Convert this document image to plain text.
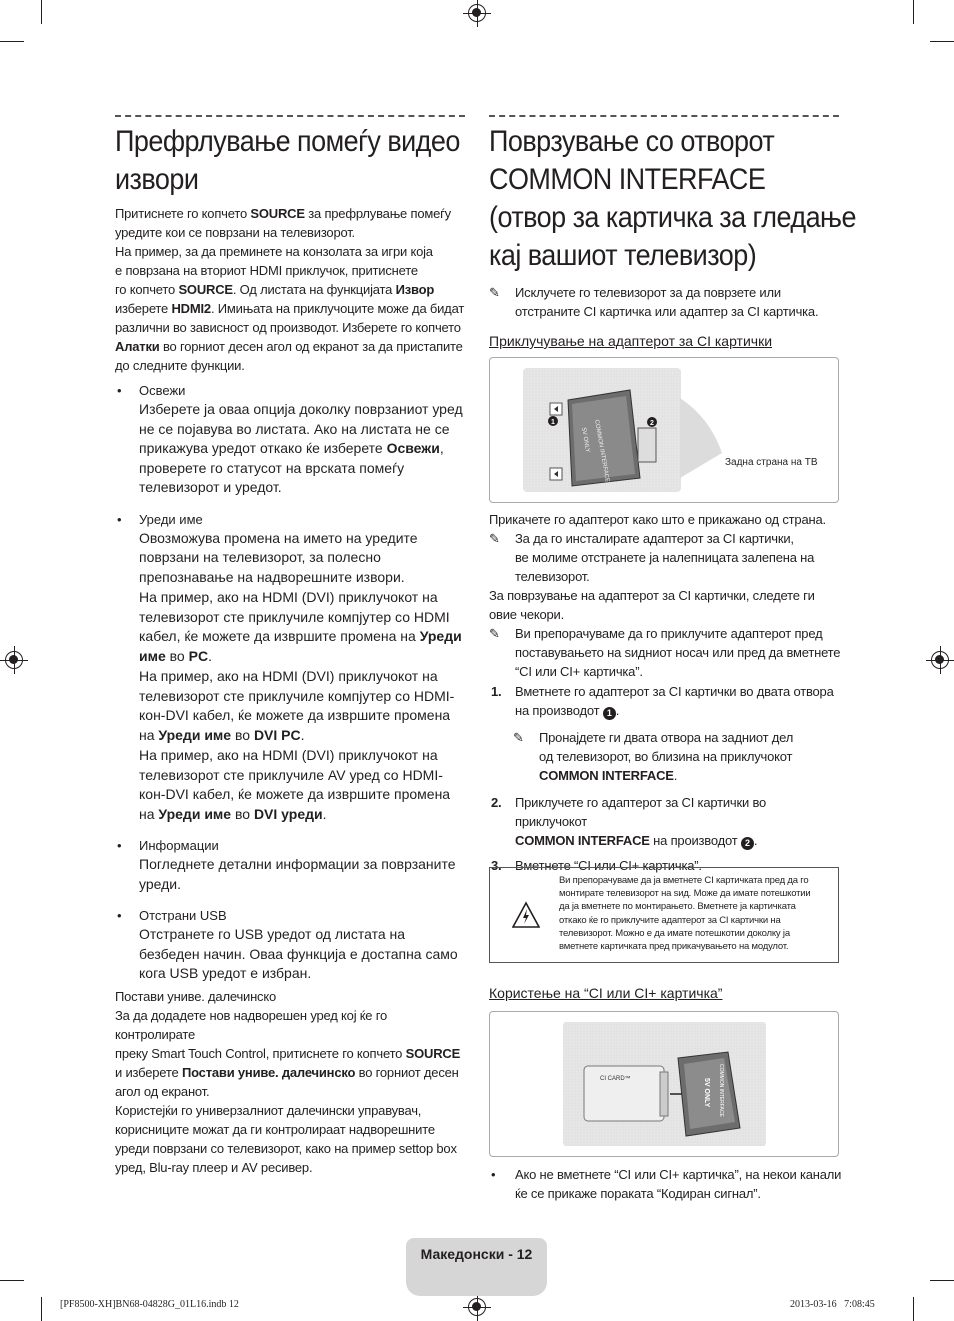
Префрлување помеѓу видео
извори
Притиснете го копчето SOURCE за префрлување помеѓу
уредите кои се поврзани на телевизорот.
На пример, за да преминете на конзолата за игри која
е поврзана на вториот HDMI приклучок, притиснете
го копчето SOURCE. Од листата на функцијата Извор
изберете HDMI2. Имињата на приклучоците може да бидат
различни во зависност од производот. Изберете го копчето
Алатки во горниот десен агол од екранот за да пристапите
до следните функции.
• Освежи
Изберете ја оваа опција доколку поврзаниот уред
не се појавува во листата. Ако на листата не се
прикажува уредот откако ќе изберете Освежи,
проверете го статусот на врската помеѓу
телевизорот и уредот.
• Уреди име
Овозможува промена на името на уредите
поврзани на телевизорот, за полесно
препознавање на надворешните извори.
На пример, ако на HDMI (DVI) приклучокот на
телевизорот сте приклучиле компјутер со HDMI
кабел, ќе можете да извршите промена на Уреди
име во PC.
На пример, ако на HDMI (DVI) приклучокот на
телевизорот сте приклучиле компјутер со HDMI-
кон-DVI кабел, ќе можете да извршите промена
на Уреди име во DVI PC.
На пример, ако на HDMI (DVI) приклучокот на
телевизорот сте приклучиле AV уред со HDMI-
кон-DVI кабел, ќе можете да извршите промена
на Уреди име во DVI уреди.
• Информации
Погледнете детални информации за поврзаните
уреди.
• Отстрани USB
Отстранете го USB уредот од листата на
безбеден начин. Оваа функција е достапна само
кога USB уредот е избран.
Постави униве. далечинско
За да додадете нов надворешен уред кој ќе го контролирате
преку Smart Touch Control, притиснете го копчето SOURCE
и изберете Постави униве. далечинско во горниот десен
агол од екранот.
Користејќи го универзалниот далечински управувач,
корисниците можат да ги контролираат надворешните
уреди поврзани со телевизорот, како на пример settop box
уред, Blu-ray плеер и AV ресивер.
Поврзување со отворот
COMMON INTERFACE
(отвор за картичка за гледање
кај вашиот телевизор)
✎ Исклучете го телевизорот за да поврзете или
отстраните CI картичка или адаптер за CI картичка.
Приклучување на адаптерот за CI картички
COMMON INTERFACE
5V ONLY
1	2
Задна страна на ТВ
Прикачете го адаптерот како што е прикажано од страна.
✎ За да го инсталирате адаптерот за CI картички,
ве молиме отстранете ја налепницата залепена на
телевизорот.
За поврзување на адаптерот за CI картички, следете ги
овие чекори.
✎ Ви препорачуваме да го приклучите адаптерот пред
поставувањето на ѕидниот носач или пред да вметнете
“CI или CI+ картичка”.
1. Вметнете го адаптерот за CI картички во двата отвора
на производот 1 .
✎ Пронајдете ги двата отвора на задниот дел
од телевизорот, во близина на приклучокот
COMMON INTERFACE.
2. Приклучете го адаптерот за CI картички во приклучокот
COMMON INTERFACE на производот 2 .
3. Вметнете “CI или CI+ картичка”.
Ви препорачуваме да ја вметнете CI картичката пред да го
монтирате телевизорот на ѕид. Може да имате потешкотии
да ја вметнете по монтирањето. Вметнете ја картичката
откако ќе го приклучите адаптерот за CI картички на
телевизорот. Можно е да имате потешкотии доколку ја
вметнете картичката пред прикачувањето на модулот.
Користење на “CI или CI+ картичка”
CI CARD™	COMMON INTERFACE
5V ONLY
• Ако не вметнете “CI или CI+ картичка”, на некои канали
ќе се прикаже пораката “Кодиран сигнал”.
Македонски - 12
[PF8500-XH]BN68-04828G_01L16.indb 12	2013-03-16   7:08:45
